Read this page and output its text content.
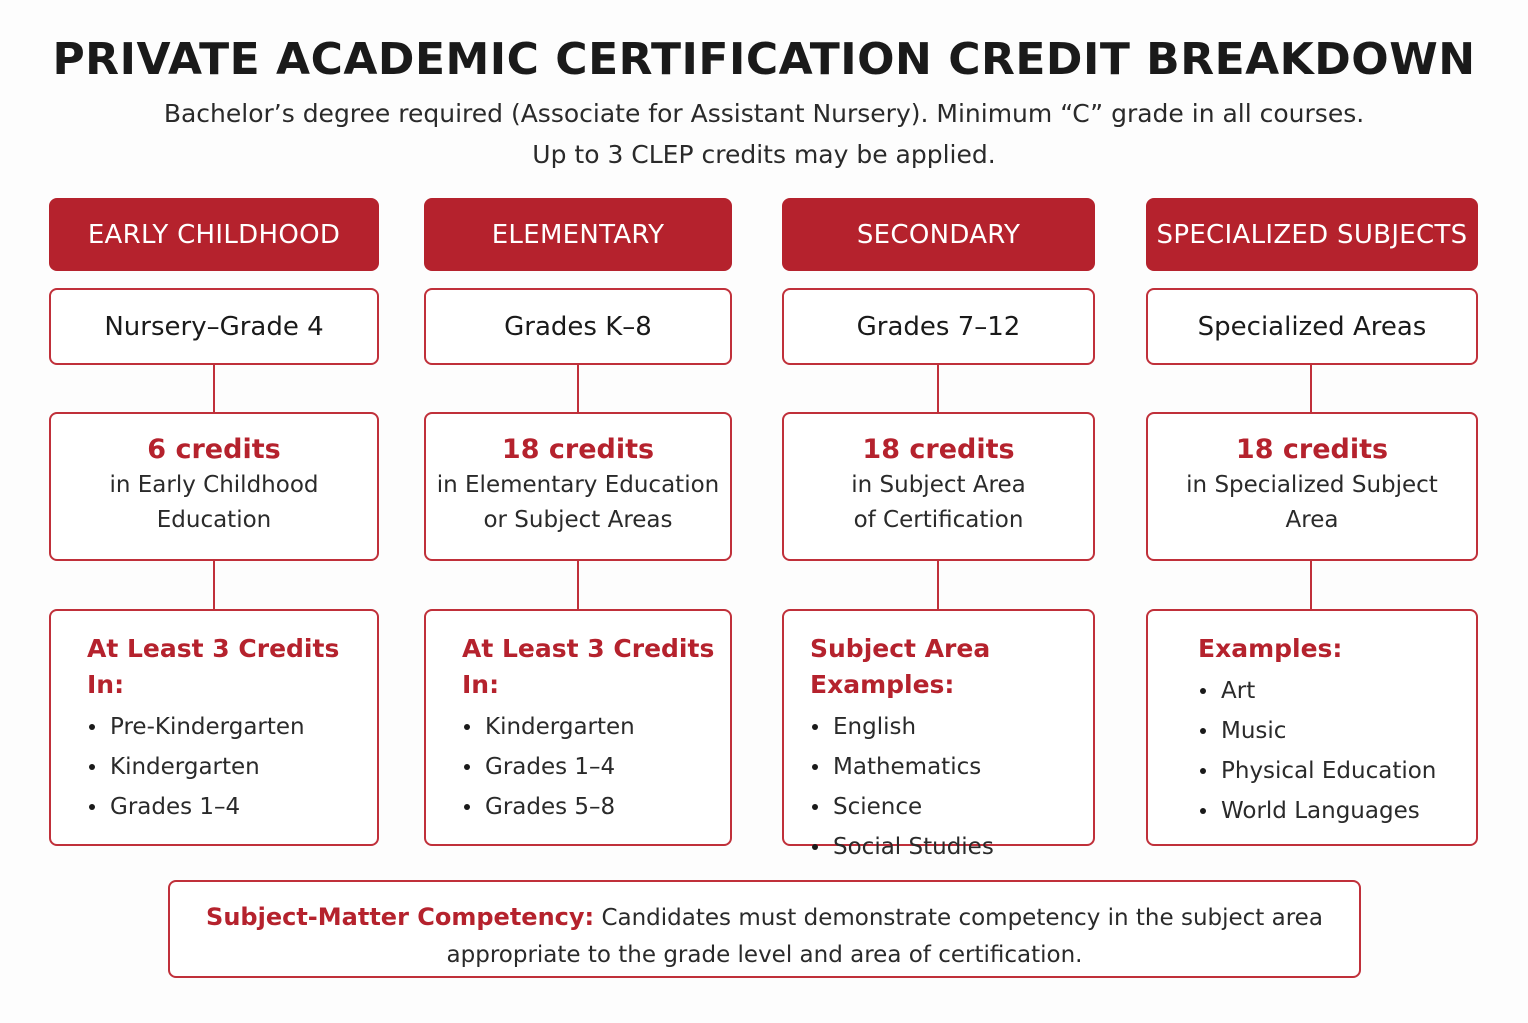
PRIVATE ACADEMIC CERTIFICATION CREDIT BREAKDOWN
Bachelor’s degree required (Associate for Assistant Nursery). Minimum “C” grade in all courses.
Up to 3 CLEP credits may be applied.
EARLY CHILDHOOD
Nursery–Grade 4
6 credits
in Early Childhood
Education
At Least 3 Credits In:
Pre-Kindergarten
Kindergarten
Grades 1–4
ELEMENTARY
Grades K–8
18 credits
in Elementary Education
or Subject Areas
At Least 3 Credits In:
Kindergarten
Grades 1–4
Grades 5–8
SECONDARY
Grades 7–12
18 credits
in Subject Area
of Certification
Subject Area Examples:
English
Mathematics
Science
Social Studies
SPECIALIZED SUBJECTS
Specialized Areas
18 credits
in Specialized Subject
Area
Examples:
Art
Music
Physical Education
World Languages
Subject-Matter Competency: Candidates must demonstrate competency in the subject area
appropriate to the grade level and area of certification.
